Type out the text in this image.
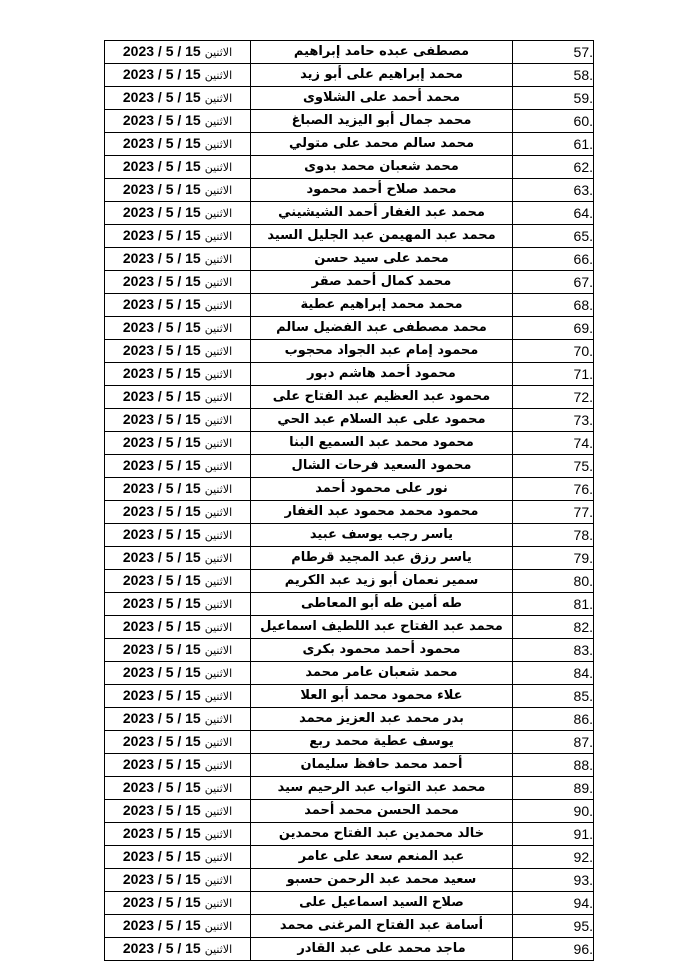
2023 / 5 / 15 الاثنين	مصطفى عبده حامد إبراهيم	57.
2023 / 5 / 15 الاثنين	محمد إبراهيم على أبو زيد	58.
2023 / 5 / 15 الاثنين	محمد أحمد على الشلاوى	59.
2023 / 5 / 15 الاثنين	محمد جمال أبو اليزيد الصباغ	60.
2023 / 5 / 15 الاثنين	محمد سالم محمد على متولي	61.
2023 / 5 / 15 الاثنين	محمد شعبان محمد بدوى	62.
2023 / 5 / 15 الاثنين	محمد صلاح أحمد محمود	63.
2023 / 5 / 15 الاثنين	محمد عبد الغفار أحمد الشيشيني	64.
2023 / 5 / 15 الاثنين	محمد عبد المهيمن عبد الجليل السيد	65.
2023 / 5 / 15 الاثنين	محمد على سيد حسن	66.
2023 / 5 / 15 الاثنين	محمد كمال أحمد صقر	67.
2023 / 5 / 15 الاثنين	محمد محمد إبراهيم عطية	68.
2023 / 5 / 15 الاثنين	محمد مصطفى عبد الفضيل سالم	69.
2023 / 5 / 15 الاثنين	محمود إمام عبد الجواد محجوب	70.
2023 / 5 / 15 الاثنين	محمود أحمد هاشم دبور	71.
2023 / 5 / 15 الاثنين	محمود عبد العظيم عبد الفتاح على	72.
2023 / 5 / 15 الاثنين	محمود على عبد السلام عبد الحي	73.
2023 / 5 / 15 الاثنين	محمود محمد عبد السميع البنا	74.
2023 / 5 / 15 الاثنين	محمود السعيد فرحات الشال	75.
2023 / 5 / 15 الاثنين	نور على محمود أحمد	76.
2023 / 5 / 15 الاثنين	محمود محمد محمود عبد الغفار	77.
2023 / 5 / 15 الاثنين	ياسر رجب يوسف عبيد	78.
2023 / 5 / 15 الاثنين	ياسر رزق عبد المجيد قرطام	79.
2023 / 5 / 15 الاثنين	سمير نعمان أبو زيد عبد الكريم	80.
2023 / 5 / 15 الاثنين	طه أمين طه أبو المعاطى	81.
2023 / 5 / 15 الاثنين	محمد عبد الفتاح عبد اللطيف اسماعيل	82.
2023 / 5 / 15 الاثنين	محمود أحمد محمود بكرى	83.
2023 / 5 / 15 الاثنين	محمد شعبان عامر محمد	84.
2023 / 5 / 15 الاثنين	علاء محمود محمد أبو العلا	85.
2023 / 5 / 15 الاثنين	بدر محمد عبد العزيز محمد	86.
2023 / 5 / 15 الاثنين	يوسف عطية محمد ربع	87.
2023 / 5 / 15 الاثنين	أحمد محمد حافظ سليمان	88.
2023 / 5 / 15 الاثنين	محمد عبد التواب عبد الرحيم سيد	89.
2023 / 5 / 15 الاثنين	محمد الحسن محمد أحمد	90.
2023 / 5 / 15 الاثنين	خالد محمدين عبد الفتاح محمدين	91.
2023 / 5 / 15 الاثنين	عبد المنعم سعد على عامر	92.
2023 / 5 / 15 الاثنين	سعيد محمد عبد الرحمن حسبو	93.
2023 / 5 / 15 الاثنين	صلاح السيد اسماعيل على	94.
2023 / 5 / 15 الاثنين	أسامة عبد الفتاح المرغنى محمد	95.
2023 / 5 / 15 الاثنين	ماجد محمد على عبد القادر	96.
